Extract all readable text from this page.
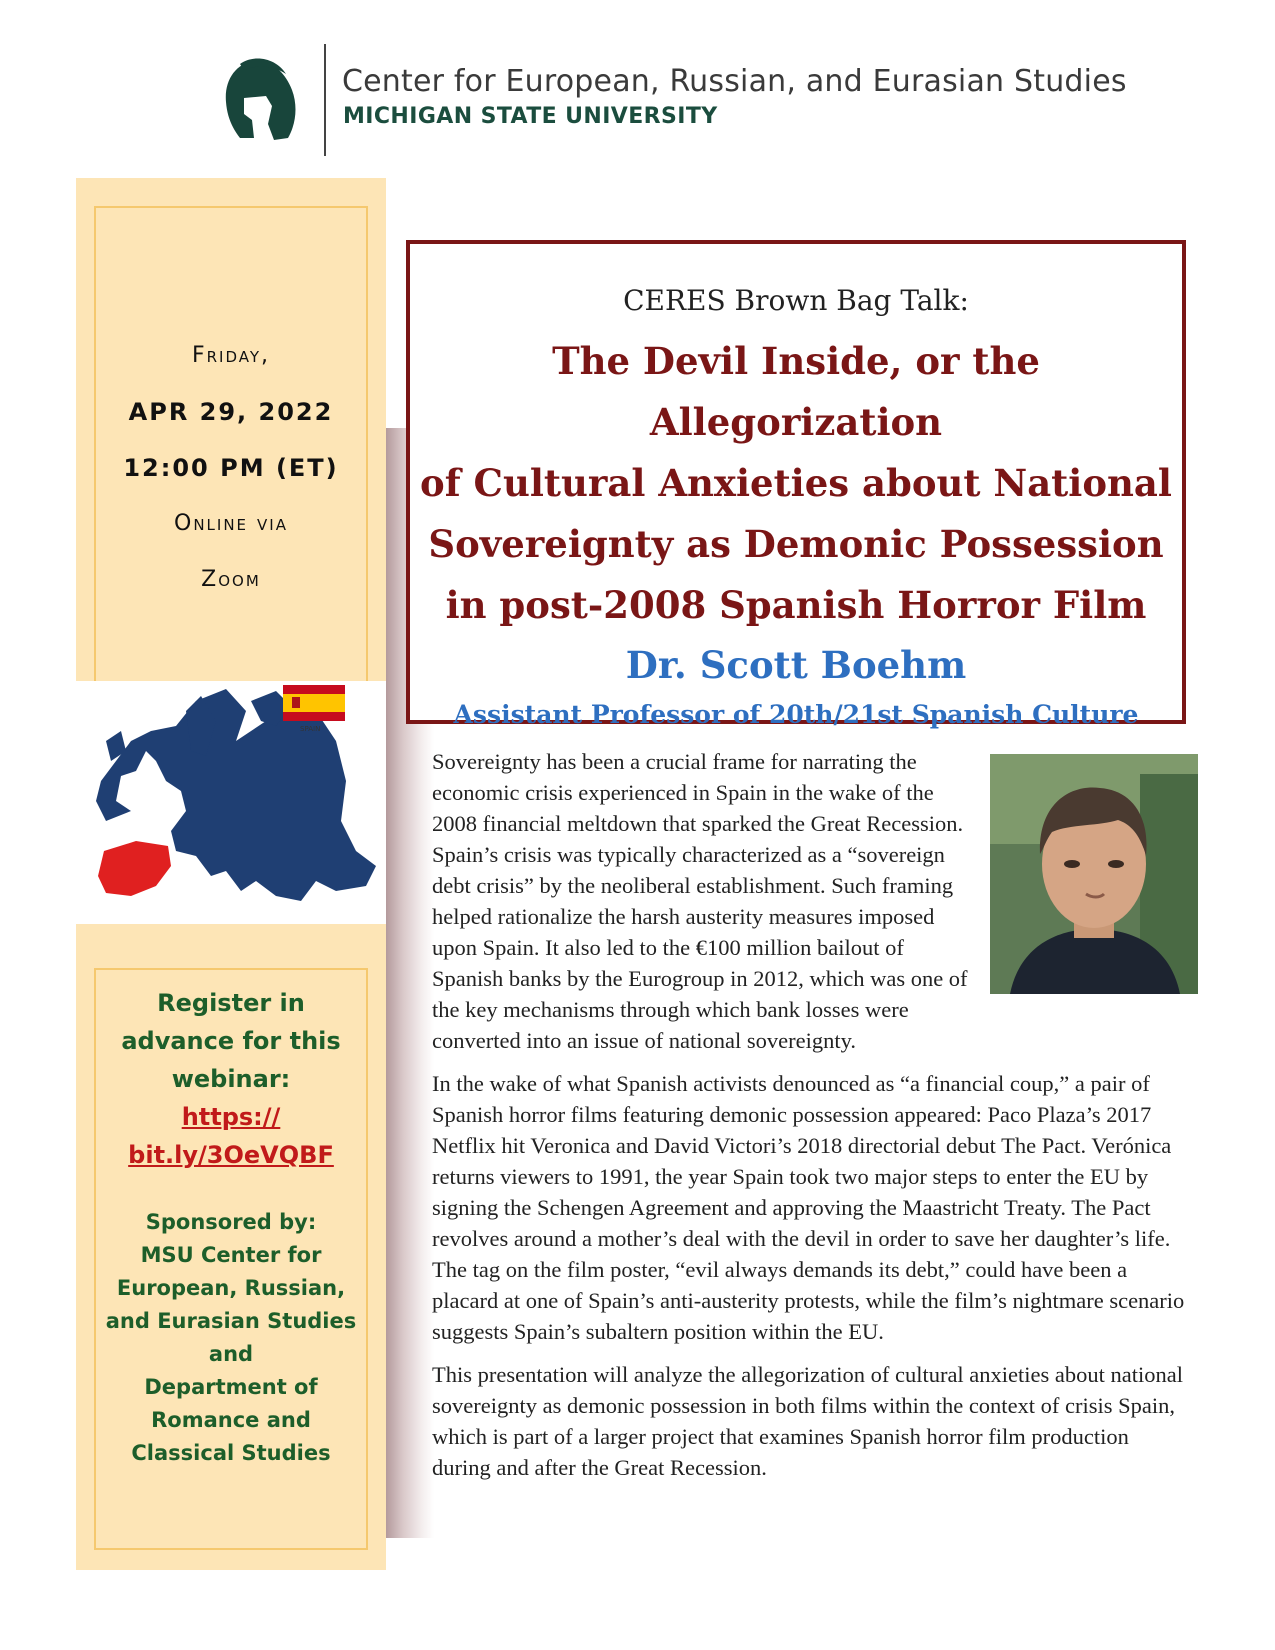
Center for European, Russian, and Eurasian Studies
MICHIGAN STATE UNIVERSITY
Friday,
APR 29, 2022
12:00 PM (ET)
Online via
Zoom
SPAIN
Register in
advance for this
webinar:
https://
bit.ly/3OeVQBF
Sponsored by:
MSU Center for
European, Russian,
and Eurasian Studies
and
Department of
Romance and
Classical Studies
CERES Brown Bag Talk:
The Devil Inside, or the Allegorization
of Cultural Anxieties about National
Sovereignty as Demonic Possession
in post-2008 Spanish Horror Film
Dr. Scott Boehm
Assistant Professor of 20th/21st Spanish Culture

Sovereignty has been a crucial frame for narrating the economic crisis experienced in Spain in the wake of the 2008 financial meltdown that sparked the Great Recession. Spain’s crisis was typically characterized as a “sovereign debt crisis” by the neoliberal establishment. Such framing helped rationalize the harsh austerity measures imposed upon Spain. It also led to the €100 million bailout of Spanish banks by the Eurogroup in 2012, which was one of the key mechanisms through which bank losses were converted into an issue of national sovereignty.

In the wake of what Spanish activists denounced as “a financial coup,” a pair of Spanish horror films featuring demonic possession appeared: Paco Plaza’s 2017 Netflix hit Veronica and David Victori’s 2018 directorial debut The Pact. Verónica returns viewers to 1991, the year Spain took two major steps to enter the EU by signing the Schengen Agreement and approving the Maastricht Treaty. The Pact revolves around a mother’s deal with the devil in order to save her daughter’s life. The tag on the film poster, “evil always demands its debt,” could have been a placard at one of Spain’s anti-austerity protests, while the film’s nightmare scenario suggests Spain’s subaltern position within the EU.

This presentation will analyze the allegorization of cultural anxieties about national sovereignty as demonic possession in both films within the context of crisis Spain, which is part of a larger project that examines Spanish horror film production during and after the Great Recession.
